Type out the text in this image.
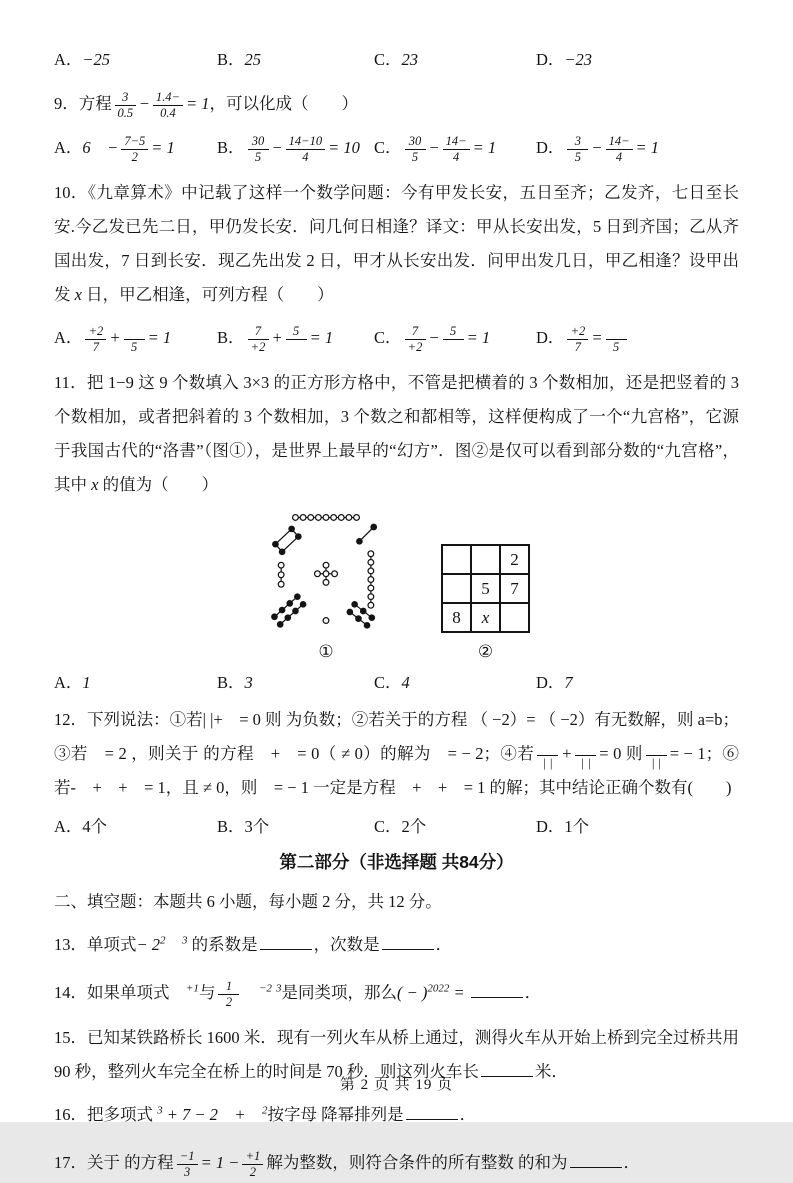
A．−25	B．25	C．23	D．−23
9．方程 $\frac{3}{0.5} - \frac{1.4-}{0.4} = 1$，可以化成（　　）
A．6　− $\frac{7-5}{2} = 1$	B． $\frac{30}{5} - \frac{14-10}{4} = 10$ C． $\frac{30}{5} - \frac{14-}{4} = 1$	D． $\frac{3}{5} - \frac{14-}{4} = 1$
10．《九章算术》中记载了这样一个数学问题：今有甲发长安，五日至齐；乙发齐，七日至长安.今乙发已先二日，甲仍发长安．问几何日相逢？译文：甲从长安出发，5 日到齐国；乙从齐国出发，7 日到长安．现乙先出发 2 日，甲才从长安出发．问甲出发几日，甲乙相逢？设甲出发 x 日，甲乙相逢，可列方程（　　）
A． $\frac{+2}{7}$ +
5 = 1	B． $\frac{7}{+2} + 5$
= 1	C． $\frac{7}{+2} - 5$
= 1	D． $\frac{+2}{7}$ =
5
11．把 1−9 这 9 个数填入 3×3 的正方形方格中，不管是把横着的 3 个数相加，还是把竖着的 3 个数相加，或者把斜着的 3 个数相加，3 个数之和都相等，这样便构成了一个“九宫格”，它源于我国古代的“洛書”（图①），是世界上最早的“幻方”．图②是仅可以看到部分数的“九宫格”，其中 x 的值为（　　）
①
		2
	5	7
8	x	
②
A．1	B．3	C．4	D．7
12．下列说法：①若| |+　= 0 则 为负数；②若关于的方程 （ −2）= （ −2）有无数解，则 a=b；③若　= 2 ，则关于 的方程　+　= 0（ ≠ 0）的解为　= − 2；④若
| | +
| | = 0 则
| | = − 1；⑥若-　+　+　= 1，且 ≠ 0，则　= − 1 一定是方程　+　+　= 1 的解；其中结论正确个数有(　　)
A．4个	B．3个	C．2个	D．1个
第二部分（非选择题 共84分）
二、填空题：本题共 6 小题，每小题 2 分，共 12 分。
13．单项式− $2^2$　 $^3$ 的系数是	，次数是	．
14．如果单项式　$^{+1}$与 $\frac{1}{2}$
　 $^{-2}$ $^3$是同类项，那么( − )$^{2022}$ =	．
15．已知某铁路桥长 1600 米．现有一列火车从桥上通过，测得火车从开始上桥到完全过桥共用 90 秒，整列火车完全在桥上的时间是 70 秒．则这列火车长	米．
16．把多项式 $^3$ + 7 − 2　+　$^2$按字母 降幂排列是	．
17．关于 的方程 $\frac{-1}{3} = 1 - \frac{+1}{2}$ 解为整数，则符合条件的所有整数 的和为	．
第 2 页 共 19 页
